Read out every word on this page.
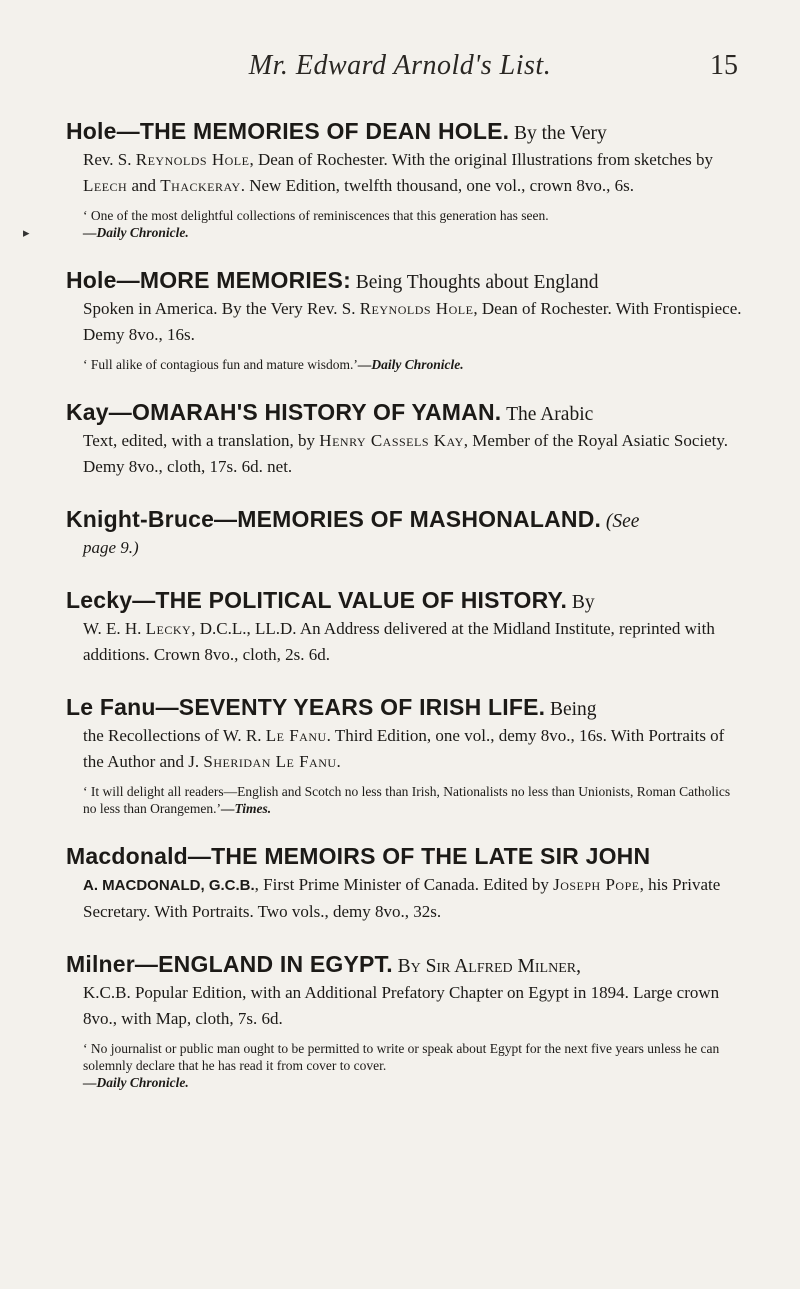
Mr. Edward Arnold's List.	15
▸
Hole—THE MEMORIES OF DEAN HOLE. By the Very
Rev. S. Reynolds Hole, Dean of Rochester. With the original Illustrations from sketches by Leech and Thackeray. New Edition, twelfth thousand, one vol., crown 8vo., 6s.
‘ One of the most delightful collections of reminiscences that this generation has seen.
—Daily Chronicle.
Hole—MORE MEMORIES: Being Thoughts about England
Spoken in America. By the Very Rev. S. Reynolds Hole, Dean of Rochester. With Frontispiece. Demy 8vo., 16s.
‘ Full alike of contagious fun and mature wisdom.’—Daily Chronicle.
Kay—OMARAH'S HISTORY OF YAMAN. The Arabic
Text, edited, with a translation, by Henry Cassels Kay, Member of the Royal Asiatic Society. Demy 8vo., cloth, 17s. 6d. net.
Knight-Bruce—MEMORIES OF MASHONALAND. (See
page 9.)
Lecky—THE POLITICAL VALUE OF HISTORY. By
W. E. H. Lecky, D.C.L., LL.D. An Address delivered at the Midland Institute, reprinted with additions. Crown 8vo., cloth, 2s. 6d.
Le Fanu—SEVENTY YEARS OF IRISH LIFE. Being
the Recollections of W. R. Le Fanu. Third Edition, one vol., demy 8vo., 16s. With Portraits of the Author and J. Sheridan Le Fanu.
‘ It will delight all readers—English and Scotch no less than Irish, Nationalists no less than Unionists, Roman Catholics no less than Orangemen.’—Times.
Macdonald—THE MEMOIRS OF THE LATE SIR JOHN
A. MACDONALD, G.C.B., First Prime Minister of Canada. Edited by Joseph Pope, his Private Secretary. With Portraits. Two vols., demy 8vo., 32s.
Milner—ENGLAND IN EGYPT. By Sir Alfred Milner,
K.C.B. Popular Edition, with an Additional Prefatory Chapter on Egypt in 1894. Large crown 8vo., with Map, cloth, 7s. 6d.
‘ No journalist or public man ought to be permitted to write or speak about Egypt for the next five years unless he can solemnly declare that he has read it from cover to cover.
—Daily Chronicle.
